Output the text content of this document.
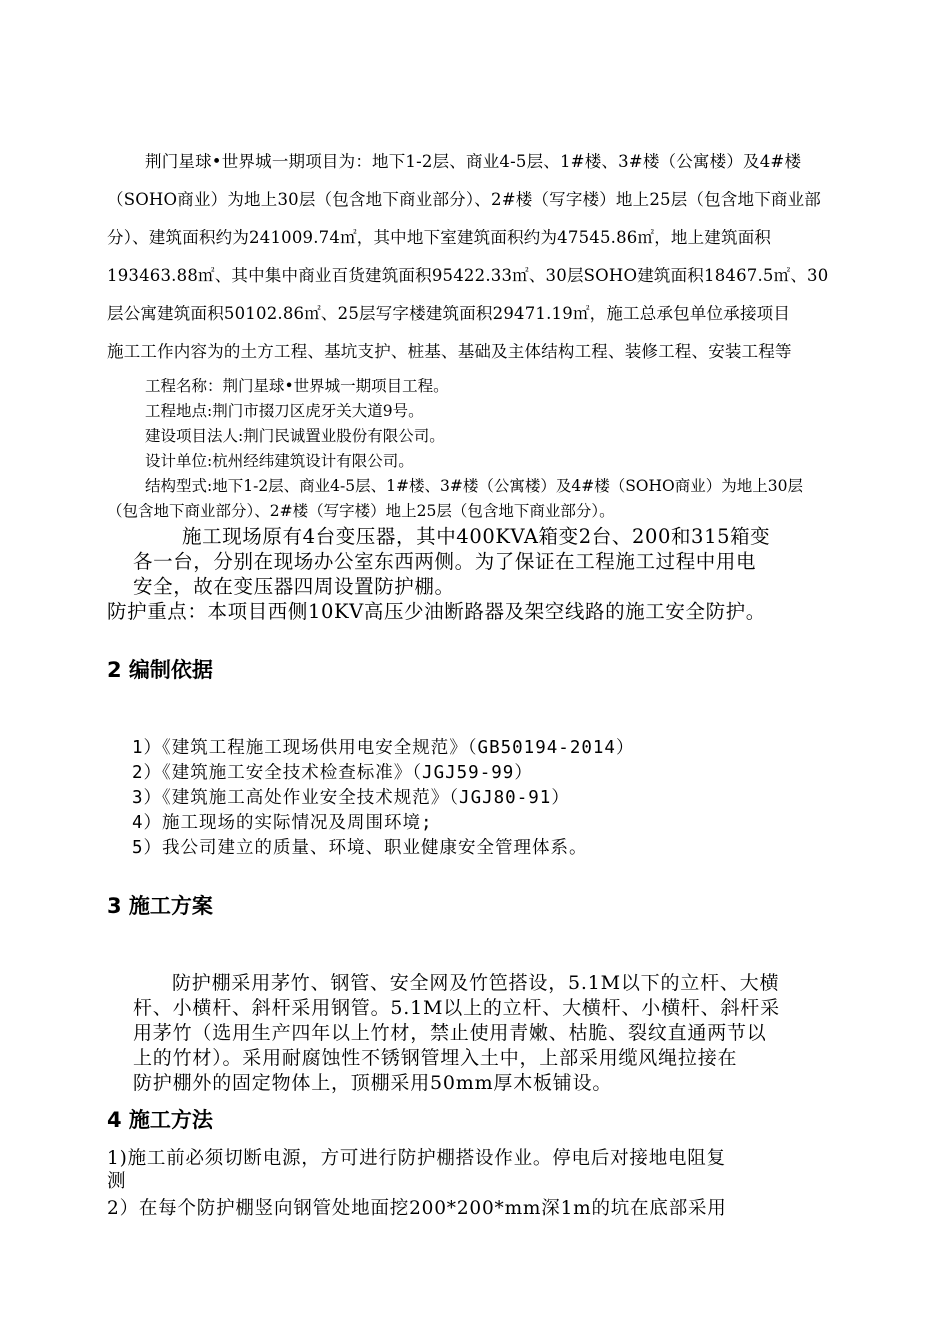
荆门星球•世界城一期项目为：地下1-2层、商业4-5层、1#楼、3#楼（公寓楼）及4#楼
（SOHO商业）为地上30层（包含地下商业部分）、2#楼（写字楼）地上25层（包含地下商业部
分）、建筑面积约为241009.74㎡，其中地下室建筑面积约为47545.86㎡，地上建筑面积
193463.88㎡、其中集中商业百货建筑面积95422.33㎡、30层SOHO建筑面积18467.5㎡、30
层公寓建筑面积50102.86㎡、25层写字楼建筑面积29471.19㎡，施工总承包单位承接项目
施工工作内容为的土方工程、基坑支护、桩基、基础及主体结构工程、装修工程、安装工程等
工程名称：荆门星球•世界城一期项目工程。
工程地点:荆门市掇刀区虎牙关大道9号。
建设项目法人:荆门民诚置业股份有限公司。
设计单位:杭州经纬建筑设计有限公司。
结构型式:地下1-2层、商业4-5层、1#楼、3#楼（公寓楼）及4#楼（SOHO商业）为地上30层
（包含地下商业部分）、2#楼（写字楼）地上25层（包含地下商业部分）。
施工现场原有4台变压器，其中400KVA箱变2台、200和315箱变
各一台，分别在现场办公室东西两侧。为了保证在工程施工过程中用电
安全，故在变压器四周设置防护棚。
防护重点：本项目西侧10KV高压少油断路器及架空线路的施工安全防护。
2 编制依据
1）《建筑工程施工现场供用电安全规范》（GB50194-2014）
2）《建筑施工安全技术检查标准》（JGJ59-99）
3）《建筑施工高处作业安全技术规范》（JGJ80-91）
4）施工现场的实际情况及周围环境;
5）我公司建立的质量、环境、职业健康安全管理体系。
3 施工方案
防护棚采用茅竹、钢管、安全网及竹笆搭设，5.1M以下的立杆、大横
杆、小横杆、斜杆采用钢管。5.1M以上的立杆、大横杆、小横杆、斜杆采
用茅竹（选用生产四年以上竹材，禁止使用青嫩、枯脆、裂纹直通两节以
上的竹材）。采用耐腐蚀性不锈钢管埋入土中，上部采用缆风绳拉接在
防护棚外的固定物体上，顶棚采用50mm厚木板铺设。
4 施工方法
1)施工前必须切断电源，方可进行防护棚搭设作业。停电后对接地电阻复
测
2）在每个防护棚竖向钢管处地面挖200*200*mm深1m的坑在底部采用
